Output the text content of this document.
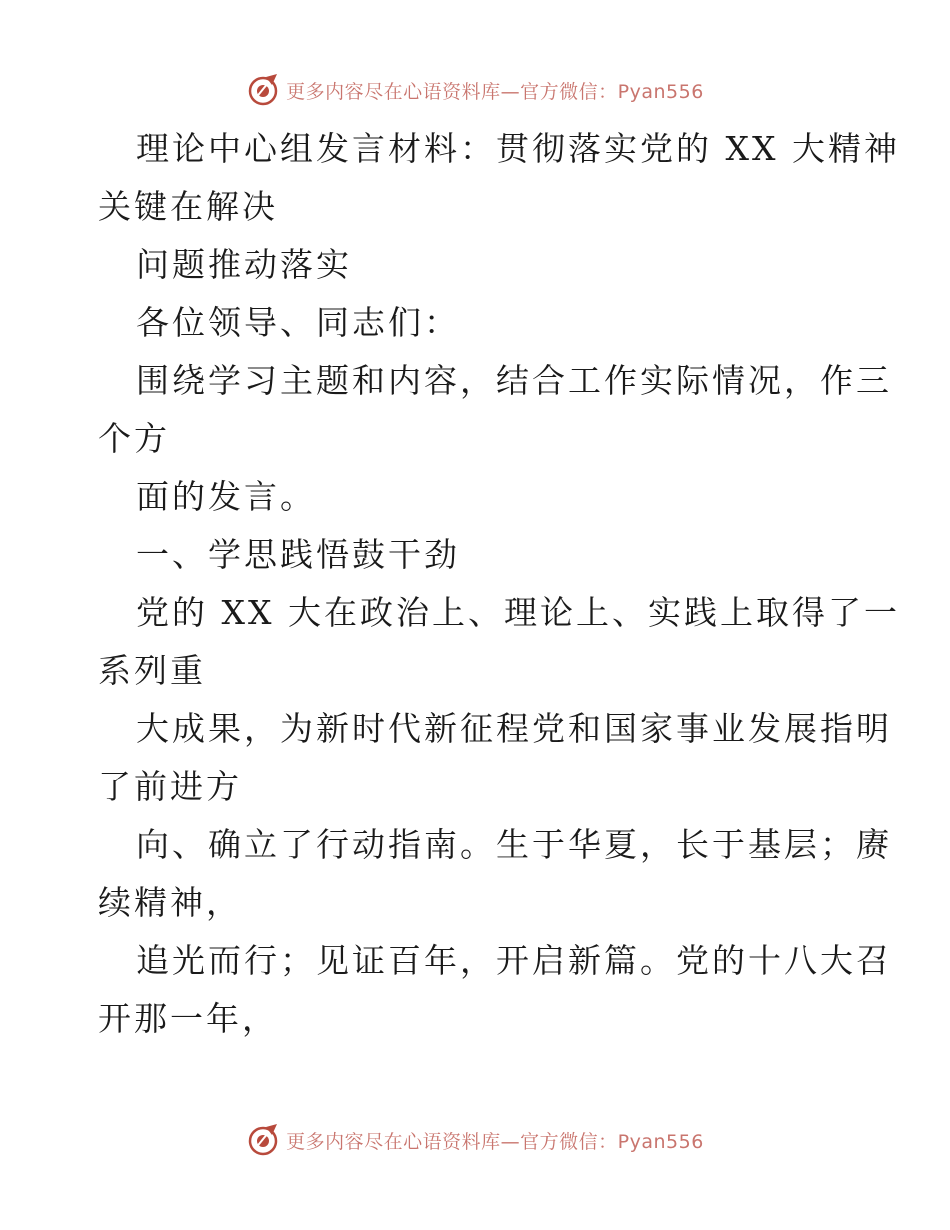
更多内容尽在心语资料库—官方微信：Pyan556
理论中心组发言材料：贯彻落实党的 XX 大精神
关键在解决
问题推动落实
各位领导、同志们：
围绕学习主题和内容，结合工作实际情况，作三
个方
面的发言。
一、学思践悟鼓干劲
党的 XX 大在政治上、理论上、实践上取得了一
系列重
大成果，为新时代新征程党和国家事业发展指明
了前进方
向、确立了行动指南。生于华夏，长于基层；赓
续精神，
追光而行；见证百年，开启新篇。党的十八大召
开那一年，
更多内容尽在心语资料库—官方微信：Pyan556
